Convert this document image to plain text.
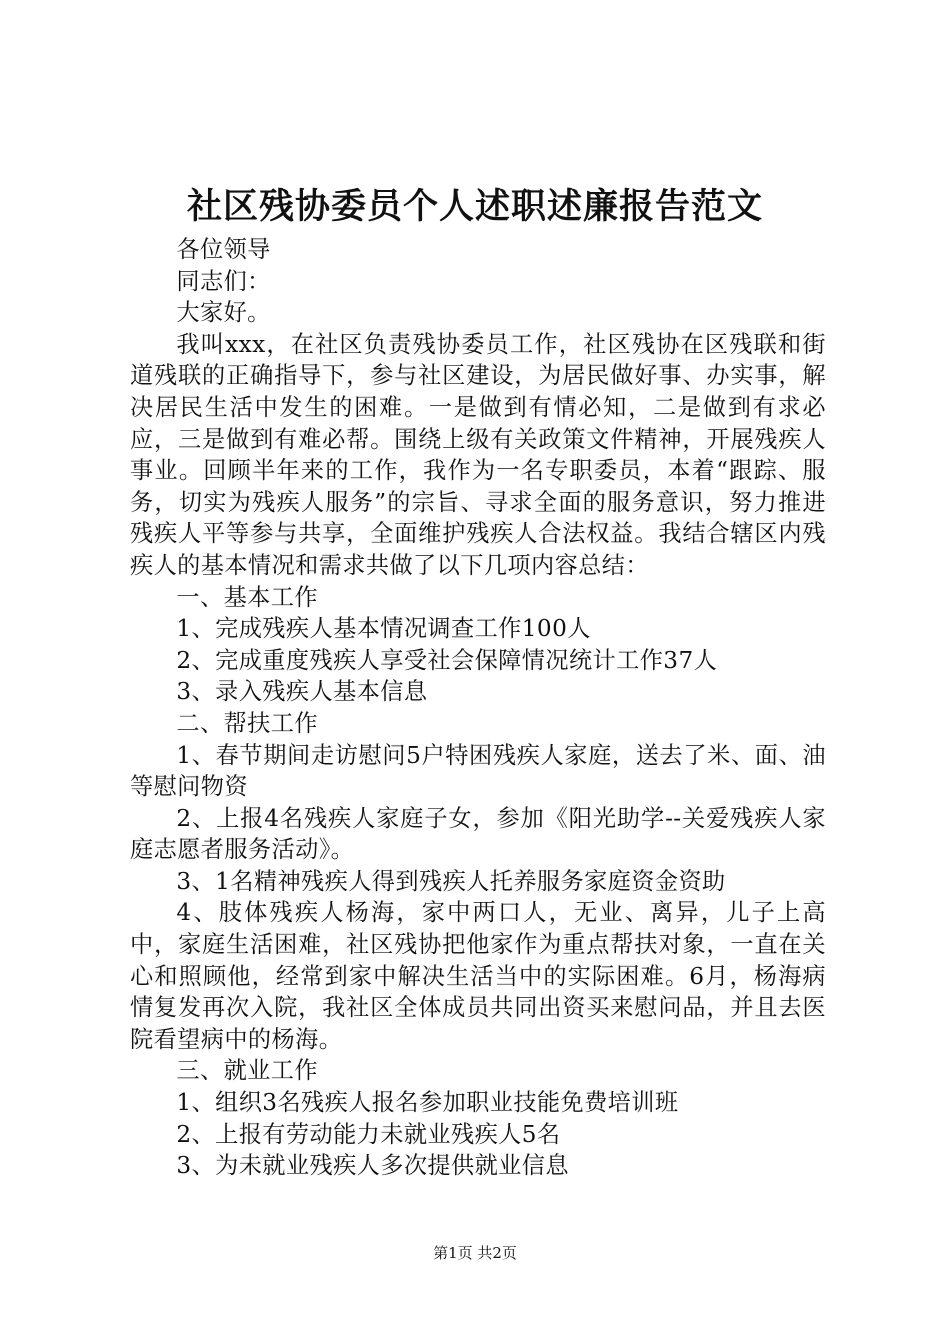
社区残协委员个人述职述廉报告范文

各位领导

同志们：

大家好。

我叫xxx，在社区负责残协委员工作，社区残协在区残联和街道残联的正确指导下，参与社区建设，为居民做好事、办实事，解决居民生活中发生的困难。一是做到有情必知，二是做到有求必应，三是做到有难必帮。围绕上级有关政策文件精神，开展残疾人事业。回顾半年来的工作，我作为一名专职委员，本着“跟踪、服务，切实为残疾人服务”的宗旨、寻求全面的服务意识，努力推进残疾人平等参与共享，全面维护残疾人合法权益。我结合辖区内残疾人的基本情况和需求共做了以下几项内容总结：

一、基本工作

1、完成残疾人基本情况调查工作100人

2、完成重度残疾人享受社会保障情况统计工作37人

3、录入残疾人基本信息

二、帮扶工作

1、春节期间走访慰问5户特困残疾人家庭，送去了米、面、油等慰问物资

2、上报4名残疾人家庭子女，参加《阳光助学--关爱残疾人家庭志愿者服务活动》。

3、1名精神残疾人得到残疾人托养服务家庭资金资助

4、肢体残疾人杨海，家中两口人，无业、离异，儿子上高中，家庭生活困难，社区残协把他家作为重点帮扶对象，一直在关心和照顾他，经常到家中解决生活当中的实际困难。6月，杨海病情复发再次入院，我社区全体成员共同出资买来慰问品，并且去医院看望病中的杨海。

三、就业工作

1、组织3名残疾人报名参加职业技能免费培训班

2、上报有劳动能力未就业残疾人5名

3、为未就业残疾人多次提供就业信息

第1页 共2页
